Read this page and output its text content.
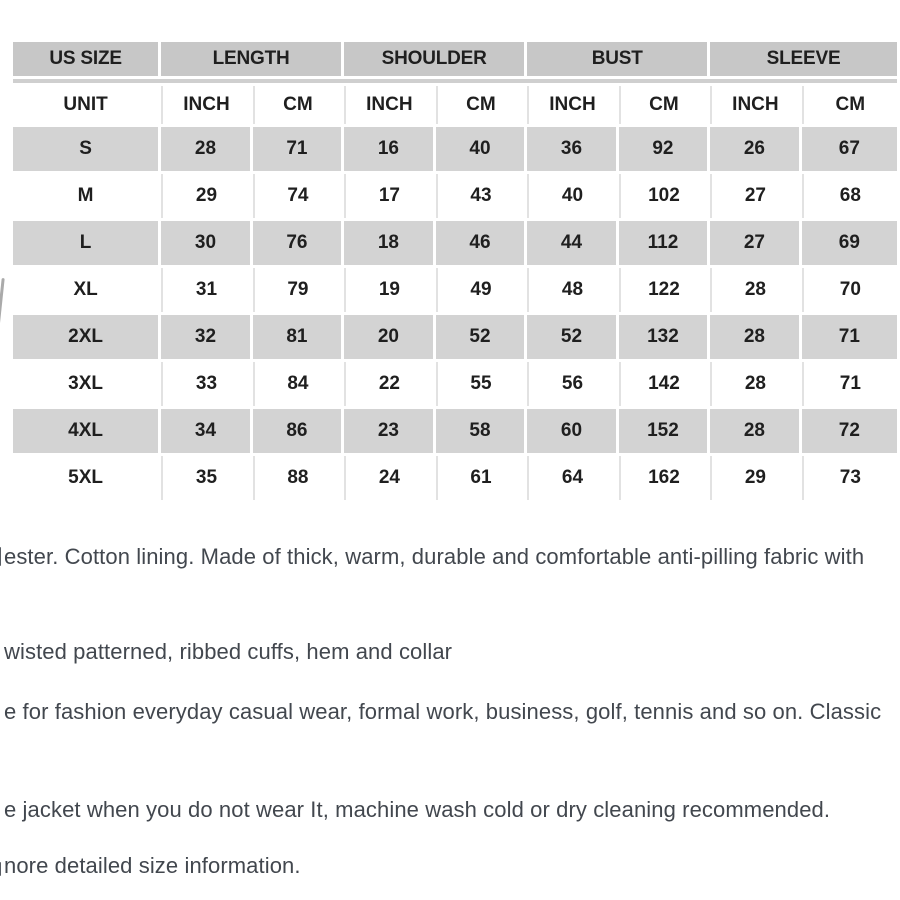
US SIZE	LENGTH		SHOULDER		BUST		SLEEVE	

UNIT	INCH	CM	INCH	CM	INCH	CM	INCH	CM
S	28	71	16	40	36	92	26	67
M	29	74	17	43	40	102	27	68
L	30	76	18	46	44	112	27	69
XL	31	79	19	49	48	122	28	70
2XL	32	81	20	52	52	132	28	71
3XL	33	84	22	55	56	142	28	71
4XL	34	86	23	58	60	152	28	72
5XL	35	88	24	61	64	162	29	73

ester. Cotton lining. Made of thick, warm, durable and comfortable anti-pilling fabric with

wisted patterned, ribbed cuffs, hem and collar

e for fashion everyday casual wear, formal work, business, golf, tennis and so on. Classic

e jacket when you do not wear It, machine wash cold or dry cleaning recommended.

nore detailed size information.
